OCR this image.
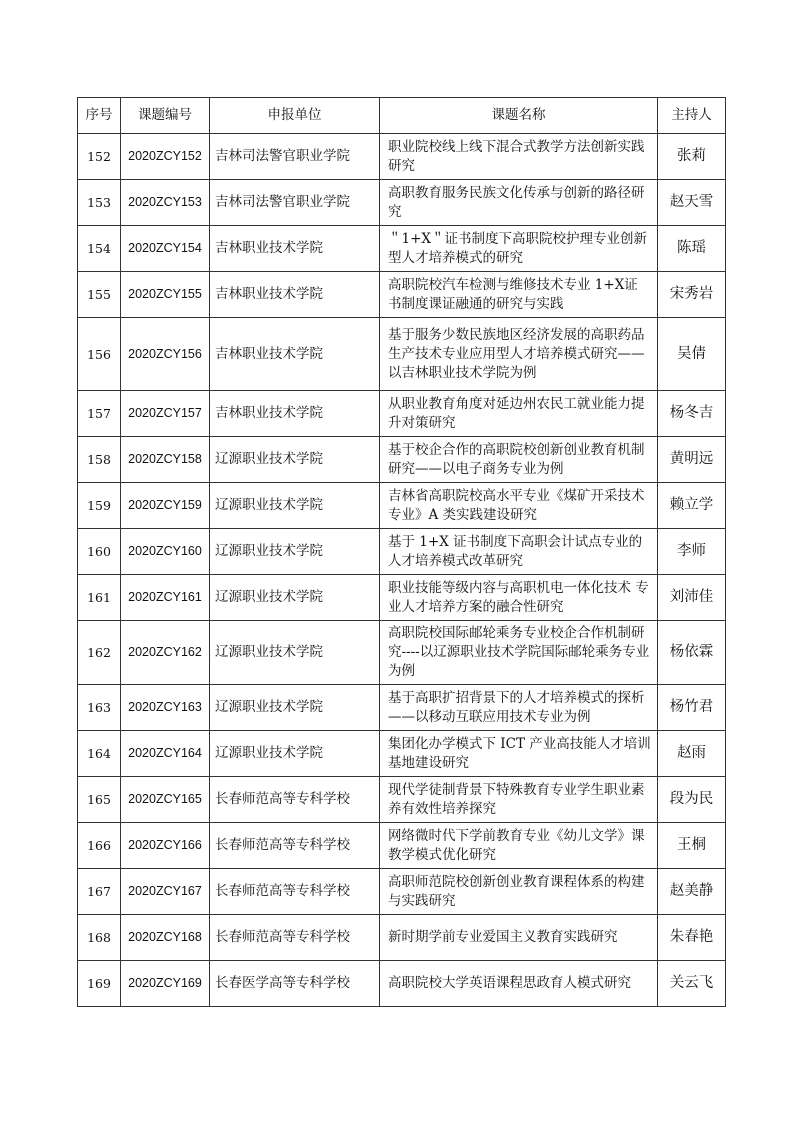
序号	课题编号	申报单位	课题名称	主持人
152	2020ZCY152	吉林司法警官职业学院	职业院校线上线下混合式教学方法创新实践研究	张莉
153	2020ZCY153	吉林司法警官职业学院	高职教育服务民族文化传承与创新的路径研究	赵天雪
154	2020ZCY154	吉林职业技术学院	＂1+X＂证书制度下高职院校护理专业创新型人才培养模式的研究	陈瑶
155	2020ZCY155	吉林职业技术学院	高职院校汽车检测与维修技术专业 1+X证书制度课证融通的研究与实践	宋秀岩
156	2020ZCY156	吉林职业技术学院	基于服务少数民族地区经济发展的高职药品生产技术专业应用型人才培养模式研究——以吉林职业技术学院为例	吴倩
157	2020ZCY157	吉林职业技术学院	从职业教育角度对延边州农民工就业能力提升对策研究	杨冬吉
158	2020ZCY158	辽源职业技术学院	基于校企合作的高职院校创新创业教育机制研究——以电子商务专业为例	黄明远
159	2020ZCY159	辽源职业技术学院	吉林省高职院校高水平专业《煤矿开采技术专业》A 类实践建设研究	赖立学
160	2020ZCY160	辽源职业技术学院	基于 1+X 证书制度下高职会计试点专业的人才培养模式改革研究	李师
161	2020ZCY161	辽源职业技术学院	职业技能等级内容与高职机电一体化技术 专业人才培养方案的融合性研究	刘沛佳
162	2020ZCY162	辽源职业技术学院	高职院校国际邮轮乘务专业校企合作机制研究----以辽源职业技术学院国际邮轮乘务专业为例	杨依霖
163	2020ZCY163	辽源职业技术学院	基于高职扩招背景下的人才培养模式的探析——以移动互联应用技术专业为例	杨竹君
164	2020ZCY164	辽源职业技术学院	集团化办学模式下 ICT 产业高技能人才培训基地建设研究	赵雨
165	2020ZCY165	长春师范高等专科学校	现代学徒制背景下特殊教育专业学生职业素养有效性培养探究	段为民
166	2020ZCY166	长春师范高等专科学校	网络微时代下学前教育专业《幼儿文学》课教学模式优化研究	王桐
167	2020ZCY167	长春师范高等专科学校	高职师范院校创新创业教育课程体系的构建与实践研究	赵美静
168	2020ZCY168	长春师范高等专科学校	新时期学前专业爱国主义教育实践研究	朱春艳
169	2020ZCY169	长春医学高等专科学校	高职院校大学英语课程思政育人模式研究	关云飞
